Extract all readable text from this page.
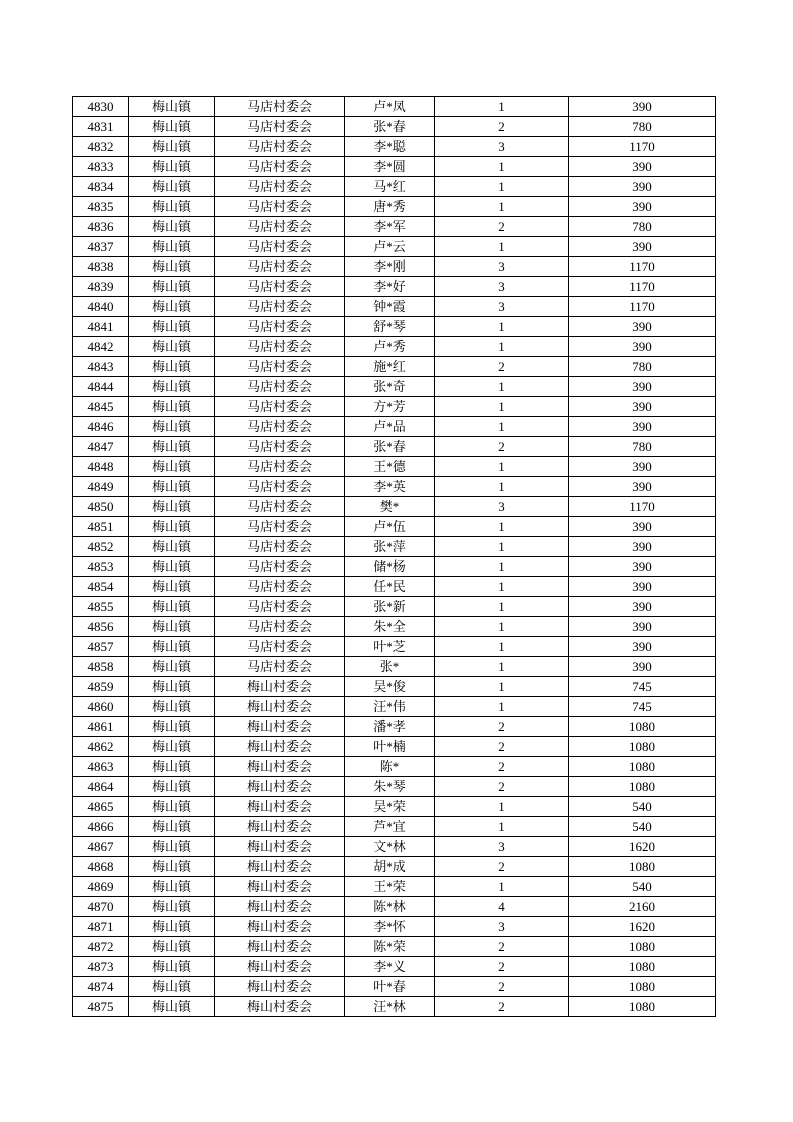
4830	梅山镇	马店村委会	卢*凤	1	390
4831	梅山镇	马店村委会	张*春	2	780
4832	梅山镇	马店村委会	李*聪	3	1170
4833	梅山镇	马店村委会	李*圆	1	390
4834	梅山镇	马店村委会	马*红	1	390
4835	梅山镇	马店村委会	唐*秀	1	390
4836	梅山镇	马店村委会	李*军	2	780
4837	梅山镇	马店村委会	卢*云	1	390
4838	梅山镇	马店村委会	李*刚	3	1170
4839	梅山镇	马店村委会	李*好	3	1170
4840	梅山镇	马店村委会	钟*霞	3	1170
4841	梅山镇	马店村委会	舒*琴	1	390
4842	梅山镇	马店村委会	卢*秀	1	390
4843	梅山镇	马店村委会	施*红	2	780
4844	梅山镇	马店村委会	张*奇	1	390
4845	梅山镇	马店村委会	方*芳	1	390
4846	梅山镇	马店村委会	卢*品	1	390
4847	梅山镇	马店村委会	张*春	2	780
4848	梅山镇	马店村委会	王*德	1	390
4849	梅山镇	马店村委会	李*英	1	390
4850	梅山镇	马店村委会	樊*	3	1170
4851	梅山镇	马店村委会	卢*伍	1	390
4852	梅山镇	马店村委会	张*萍	1	390
4853	梅山镇	马店村委会	储*杨	1	390
4854	梅山镇	马店村委会	任*民	1	390
4855	梅山镇	马店村委会	张*新	1	390
4856	梅山镇	马店村委会	朱*全	1	390
4857	梅山镇	马店村委会	叶*芝	1	390
4858	梅山镇	马店村委会	张*	1	390
4859	梅山镇	梅山村委会	吴*俊	1	745
4860	梅山镇	梅山村委会	汪*伟	1	745
4861	梅山镇	梅山村委会	潘*孝	2	1080
4862	梅山镇	梅山村委会	叶*楠	2	1080
4863	梅山镇	梅山村委会	陈*	2	1080
4864	梅山镇	梅山村委会	朱*琴	2	1080
4865	梅山镇	梅山村委会	吴*荣	1	540
4866	梅山镇	梅山村委会	芦*宜	1	540
4867	梅山镇	梅山村委会	文*林	3	1620
4868	梅山镇	梅山村委会	胡*成	2	1080
4869	梅山镇	梅山村委会	王*荣	1	540
4870	梅山镇	梅山村委会	陈*林	4	2160
4871	梅山镇	梅山村委会	李*怀	3	1620
4872	梅山镇	梅山村委会	陈*荣	2	1080
4873	梅山镇	梅山村委会	李*义	2	1080
4874	梅山镇	梅山村委会	叶*春	2	1080
4875	梅山镇	梅山村委会	汪*林	2	1080
